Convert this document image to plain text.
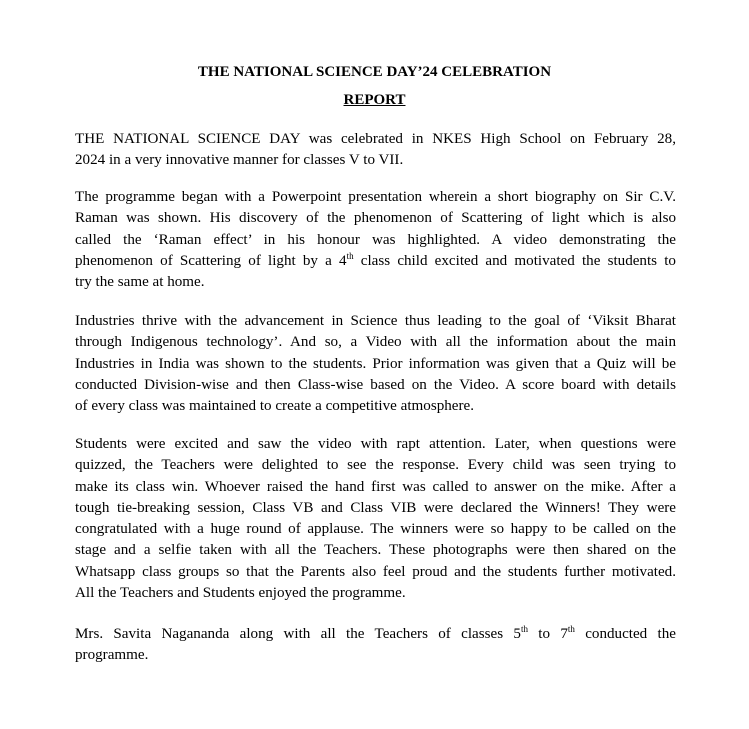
THE NATIONAL SCIENCE DAY’24 CELEBRATION
REPORT

THE NATIONAL SCIENCE DAY was celebrated in NKES High School on February 28,
2024 in a very innovative manner for classes V to VII.

The programme began with a Powerpoint presentation wherein a short biography on Sir C.V.
Raman was shown. His discovery of the phenomenon of Scattering of light which is also
called the ‘Raman effect’ in his honour was highlighted. A video demonstrating the
phenomenon of Scattering of light by a 4th class child excited and motivated the students to
try the same at home.

Industries thrive with the advancement in Science thus leading to the goal of ‘Viksit Bharat
through Indigenous technology’. And so, a Video with all the information about the main
Industries in India was shown to the students. Prior information was given that a Quiz will be
conducted Division-wise and then Class-wise based on the Video. A score board with details
of every class was maintained to create a competitive atmosphere.

Students were excited and saw the video with rapt attention. Later, when questions were
quizzed, the Teachers were delighted to see the response. Every child was seen trying to
make its class win. Whoever raised the hand first was called to answer on the mike. After a
tough tie-breaking session, Class VB and Class VIB were declared the Winners! They were
congratulated with a huge round of applause. The winners were so happy to be called on the
stage and a selfie taken with all the Teachers. These photographs were then shared on the
Whatsapp class groups so that the Parents also feel proud and the students further motivated.
All the Teachers and Students enjoyed the programme.

Mrs. Savita Nagananda along with all the Teachers of classes 5th to 7th conducted the
programme.
